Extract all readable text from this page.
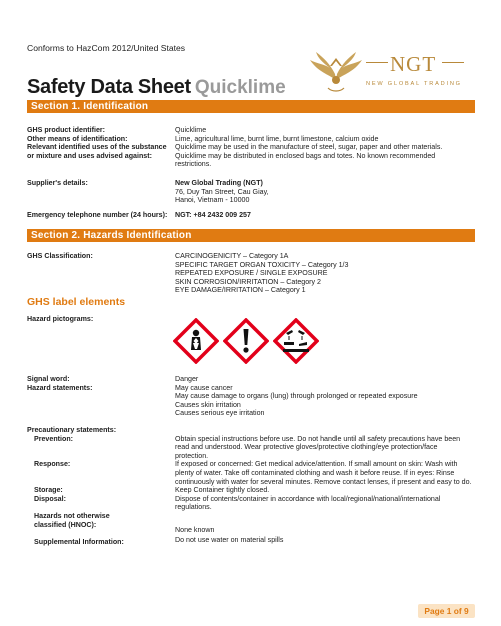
Conforms to HazCom 2012/United States
Safety Data Sheet Quicklime
NGT
NEW GLOBAL TRADING
Section 1. Identification
GHS product identifier:	Quicklime
Other means of identification:	Lime, agricultural lime, burnt lime, burnt limestone, calcium oxide
Relevant identified uses of the substance
or mixture and uses advised against:
Quicklime may be used in the manufacture of steel, sugar, paper and other materials.
Quicklime may be distributed in enclosed bags and totes. No known recommended
restrictions.
Supplier's details:	New Global Trading (NGT)
76, Duy Tan Street, Cau Giay,
Hanoi, Vietnam - 10000
Emergency telephone number (24 hours): NGT: +84 2432 009 257
Section 2. Hazards Identification
GHS Classification:	CARCINOGENICITY – Category 1A
SPECIFIC TARGET ORGAN TOXICITY – Category 1/3
REPEATED EXPOSURE / SINGLE EXPOSURE
SKIN CORROSION/IRRITATION – Category 2
EYE DAMAGE/IRRITATION – Category 1
GHS label elements
Hazard pictograms:
Signal word:	Danger
Hazard statements:	May cause cancer
May cause damage to organs (lung) through prolonged or repeated exposure
Causes skin irritation
Causes serious eye irritation
Precautionary statements:
Prevention:	Obtain special instructions before use. Do not handle until all safety precautions have been
read and understood. Wear protective gloves/protective clothing/eye protection/face
protection.
Response:	If exposed or concerned: Get medical advice/attention. If small amount on skin: Wash with
plenty of water. Take off contaminated clothing and wash it before reuse. If in eyes: Rinse
continuously with water for several minutes. Remove contact lenses, if present and easy to do.
Storage:	Keep Container tightly closed.
Disposal:	Dispose of contents/container in accordance with local/regional/national/international
regulations.
Hazards not otherwise
classified (HNOC):
None known
Supplemental Information:	Do not use water on material spills
Page 1 of 9
